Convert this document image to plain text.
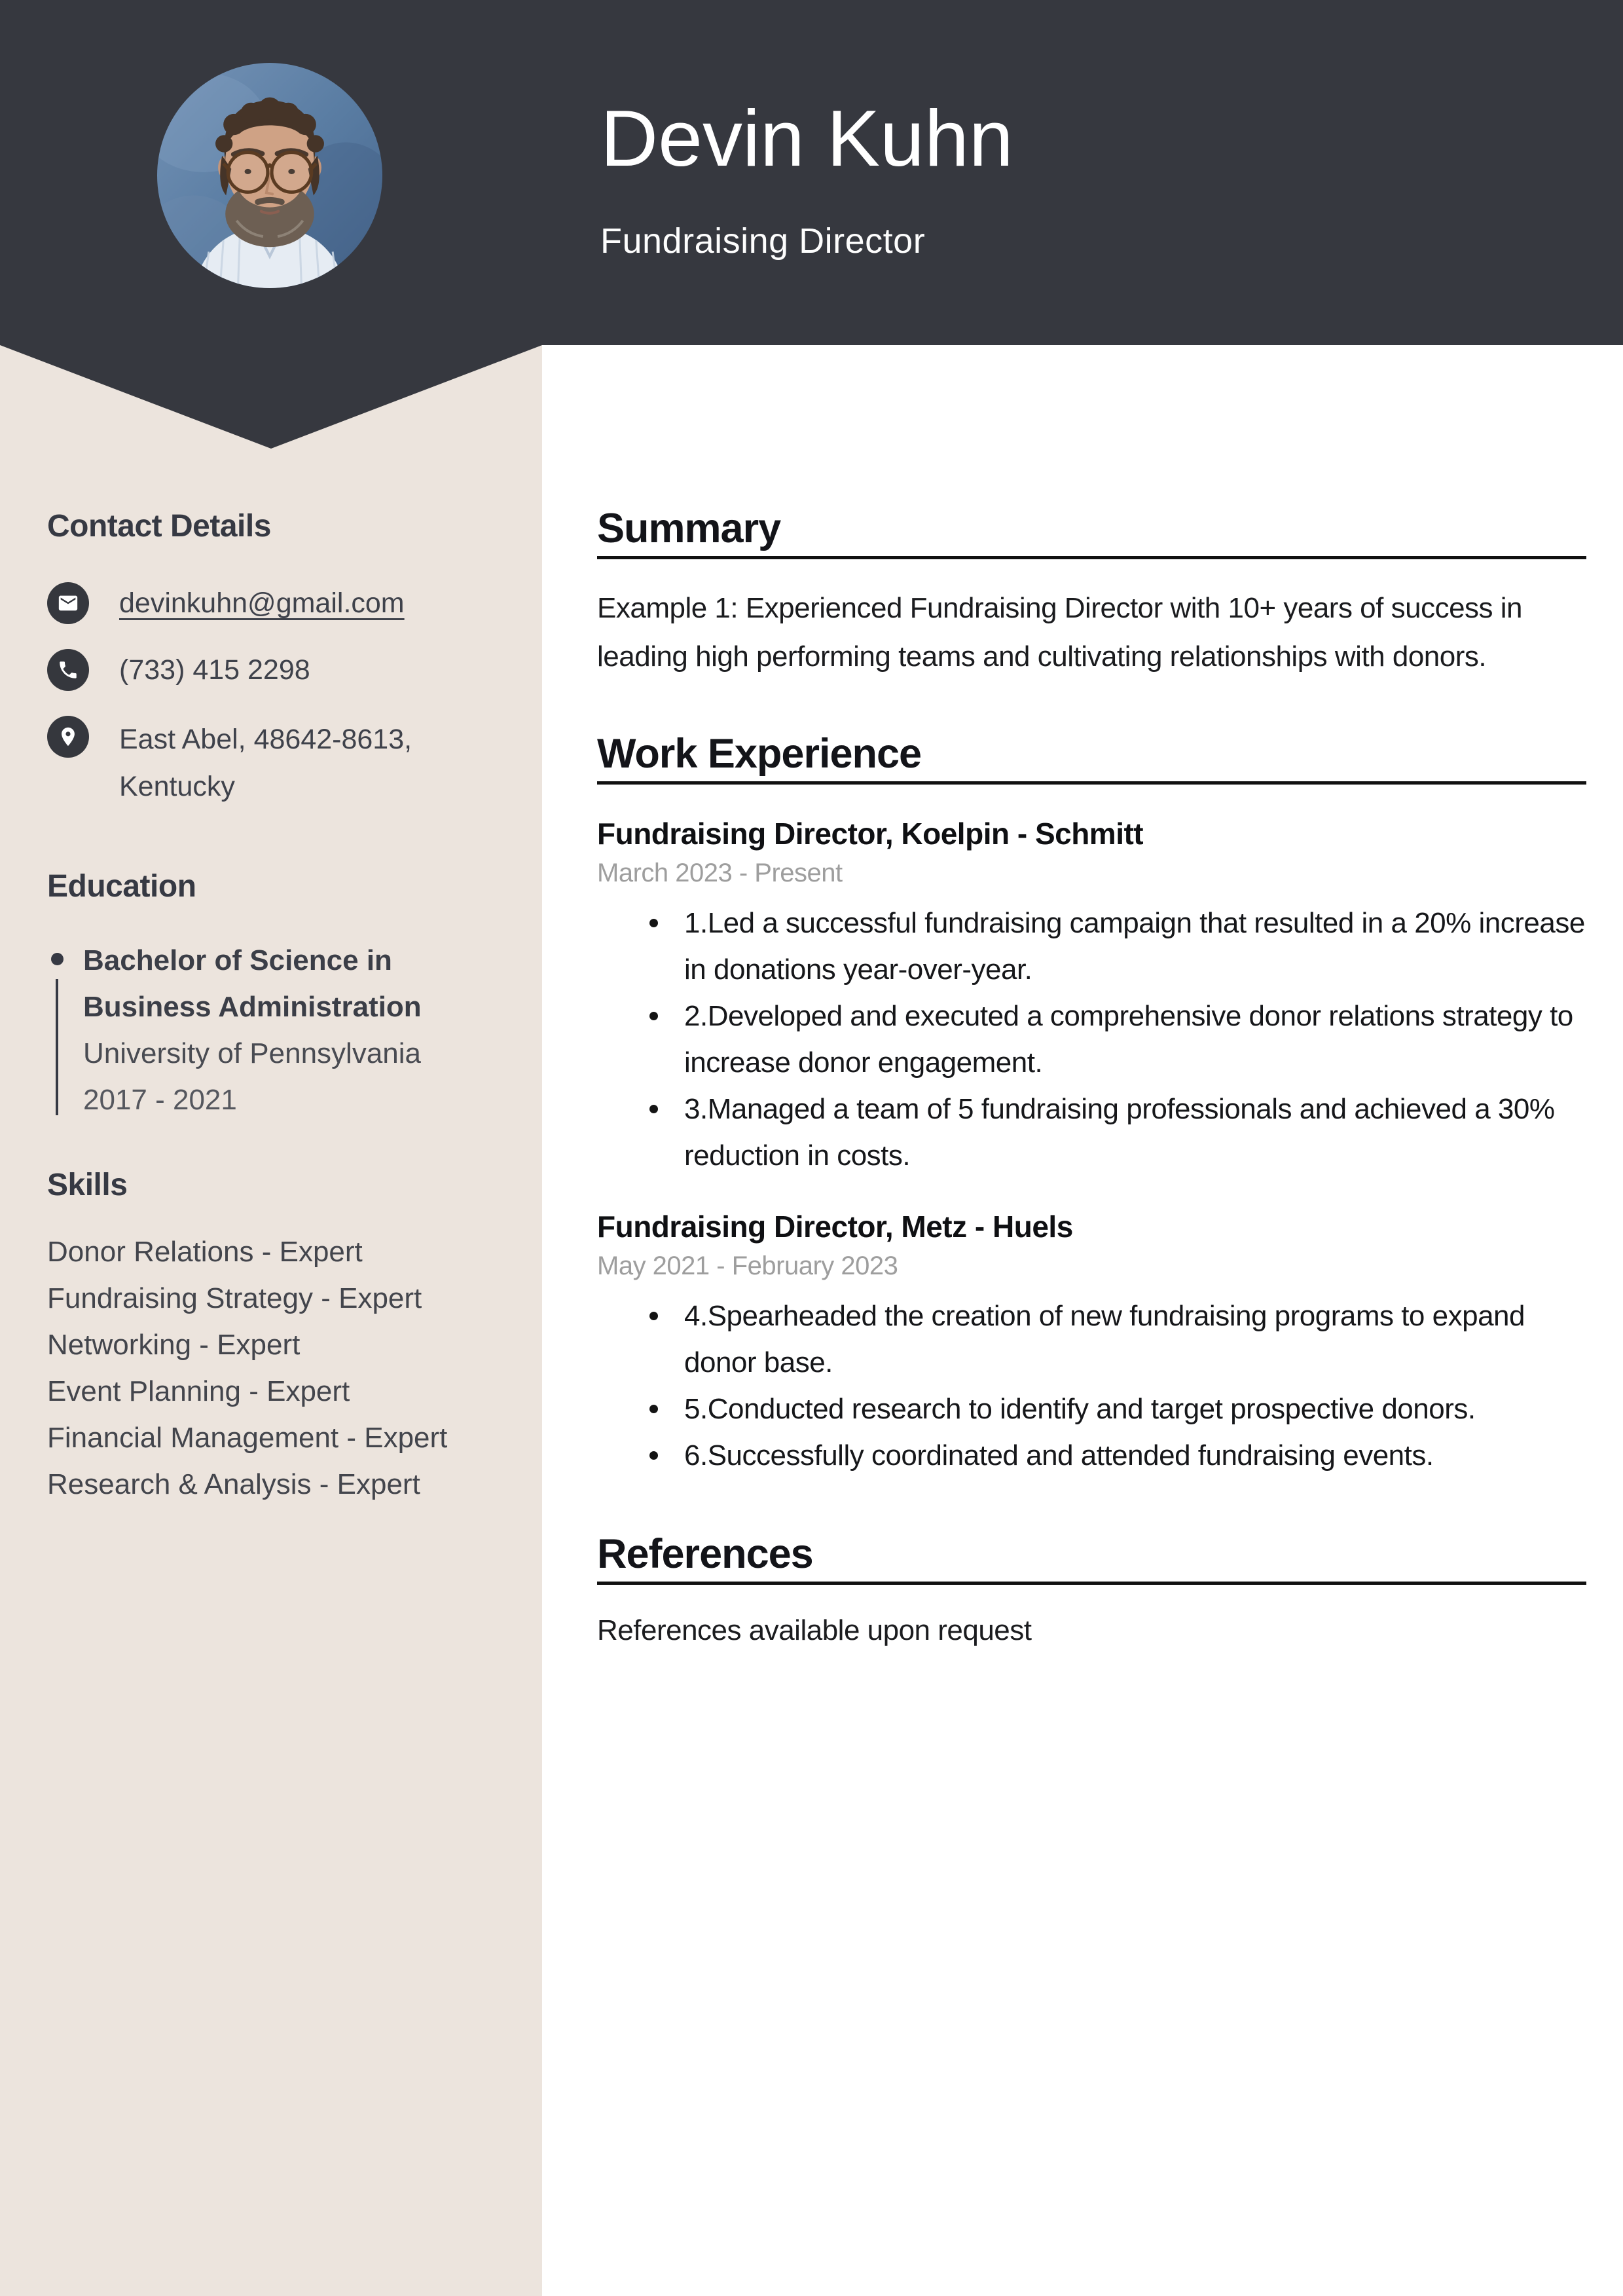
Devin Kuhn
Fundraising Director
Contact Details
devinkuhn@gmail.com
(733) 415 2298
East Abel, 48642-8613,
Kentucky
Education
Bachelor of Science in Business Administration
University of Pennsylvania
2017 - 2021
Skills
Donor Relations - Expert
Fundraising Strategy - Expert
Networking - Expert
Event Planning - Expert
Financial Management - Expert
Research & Analysis - Expert
Summary
Example 1: Experienced Fundraising Director with 10+ years of success in leading high performing teams and cultivating relationships with donors.
Work Experience
Fundraising Director, Koelpin - Schmitt
March 2023 - Present
1.Led a successful fundraising campaign that resulted in a 20% increase in donations year-over-year.
2.Developed and executed a comprehensive donor relations strategy to increase donor engagement.
3.Managed a team of 5 fundraising professionals and achieved a 30% reduction in costs.
Fundraising Director, Metz - Huels
May 2021 - February 2023
4.Spearheaded the creation of new fundraising programs to expand donor base.
5.Conducted research to identify and target prospective donors.
6.Successfully coordinated and attended fundraising events.
References
References available upon request
